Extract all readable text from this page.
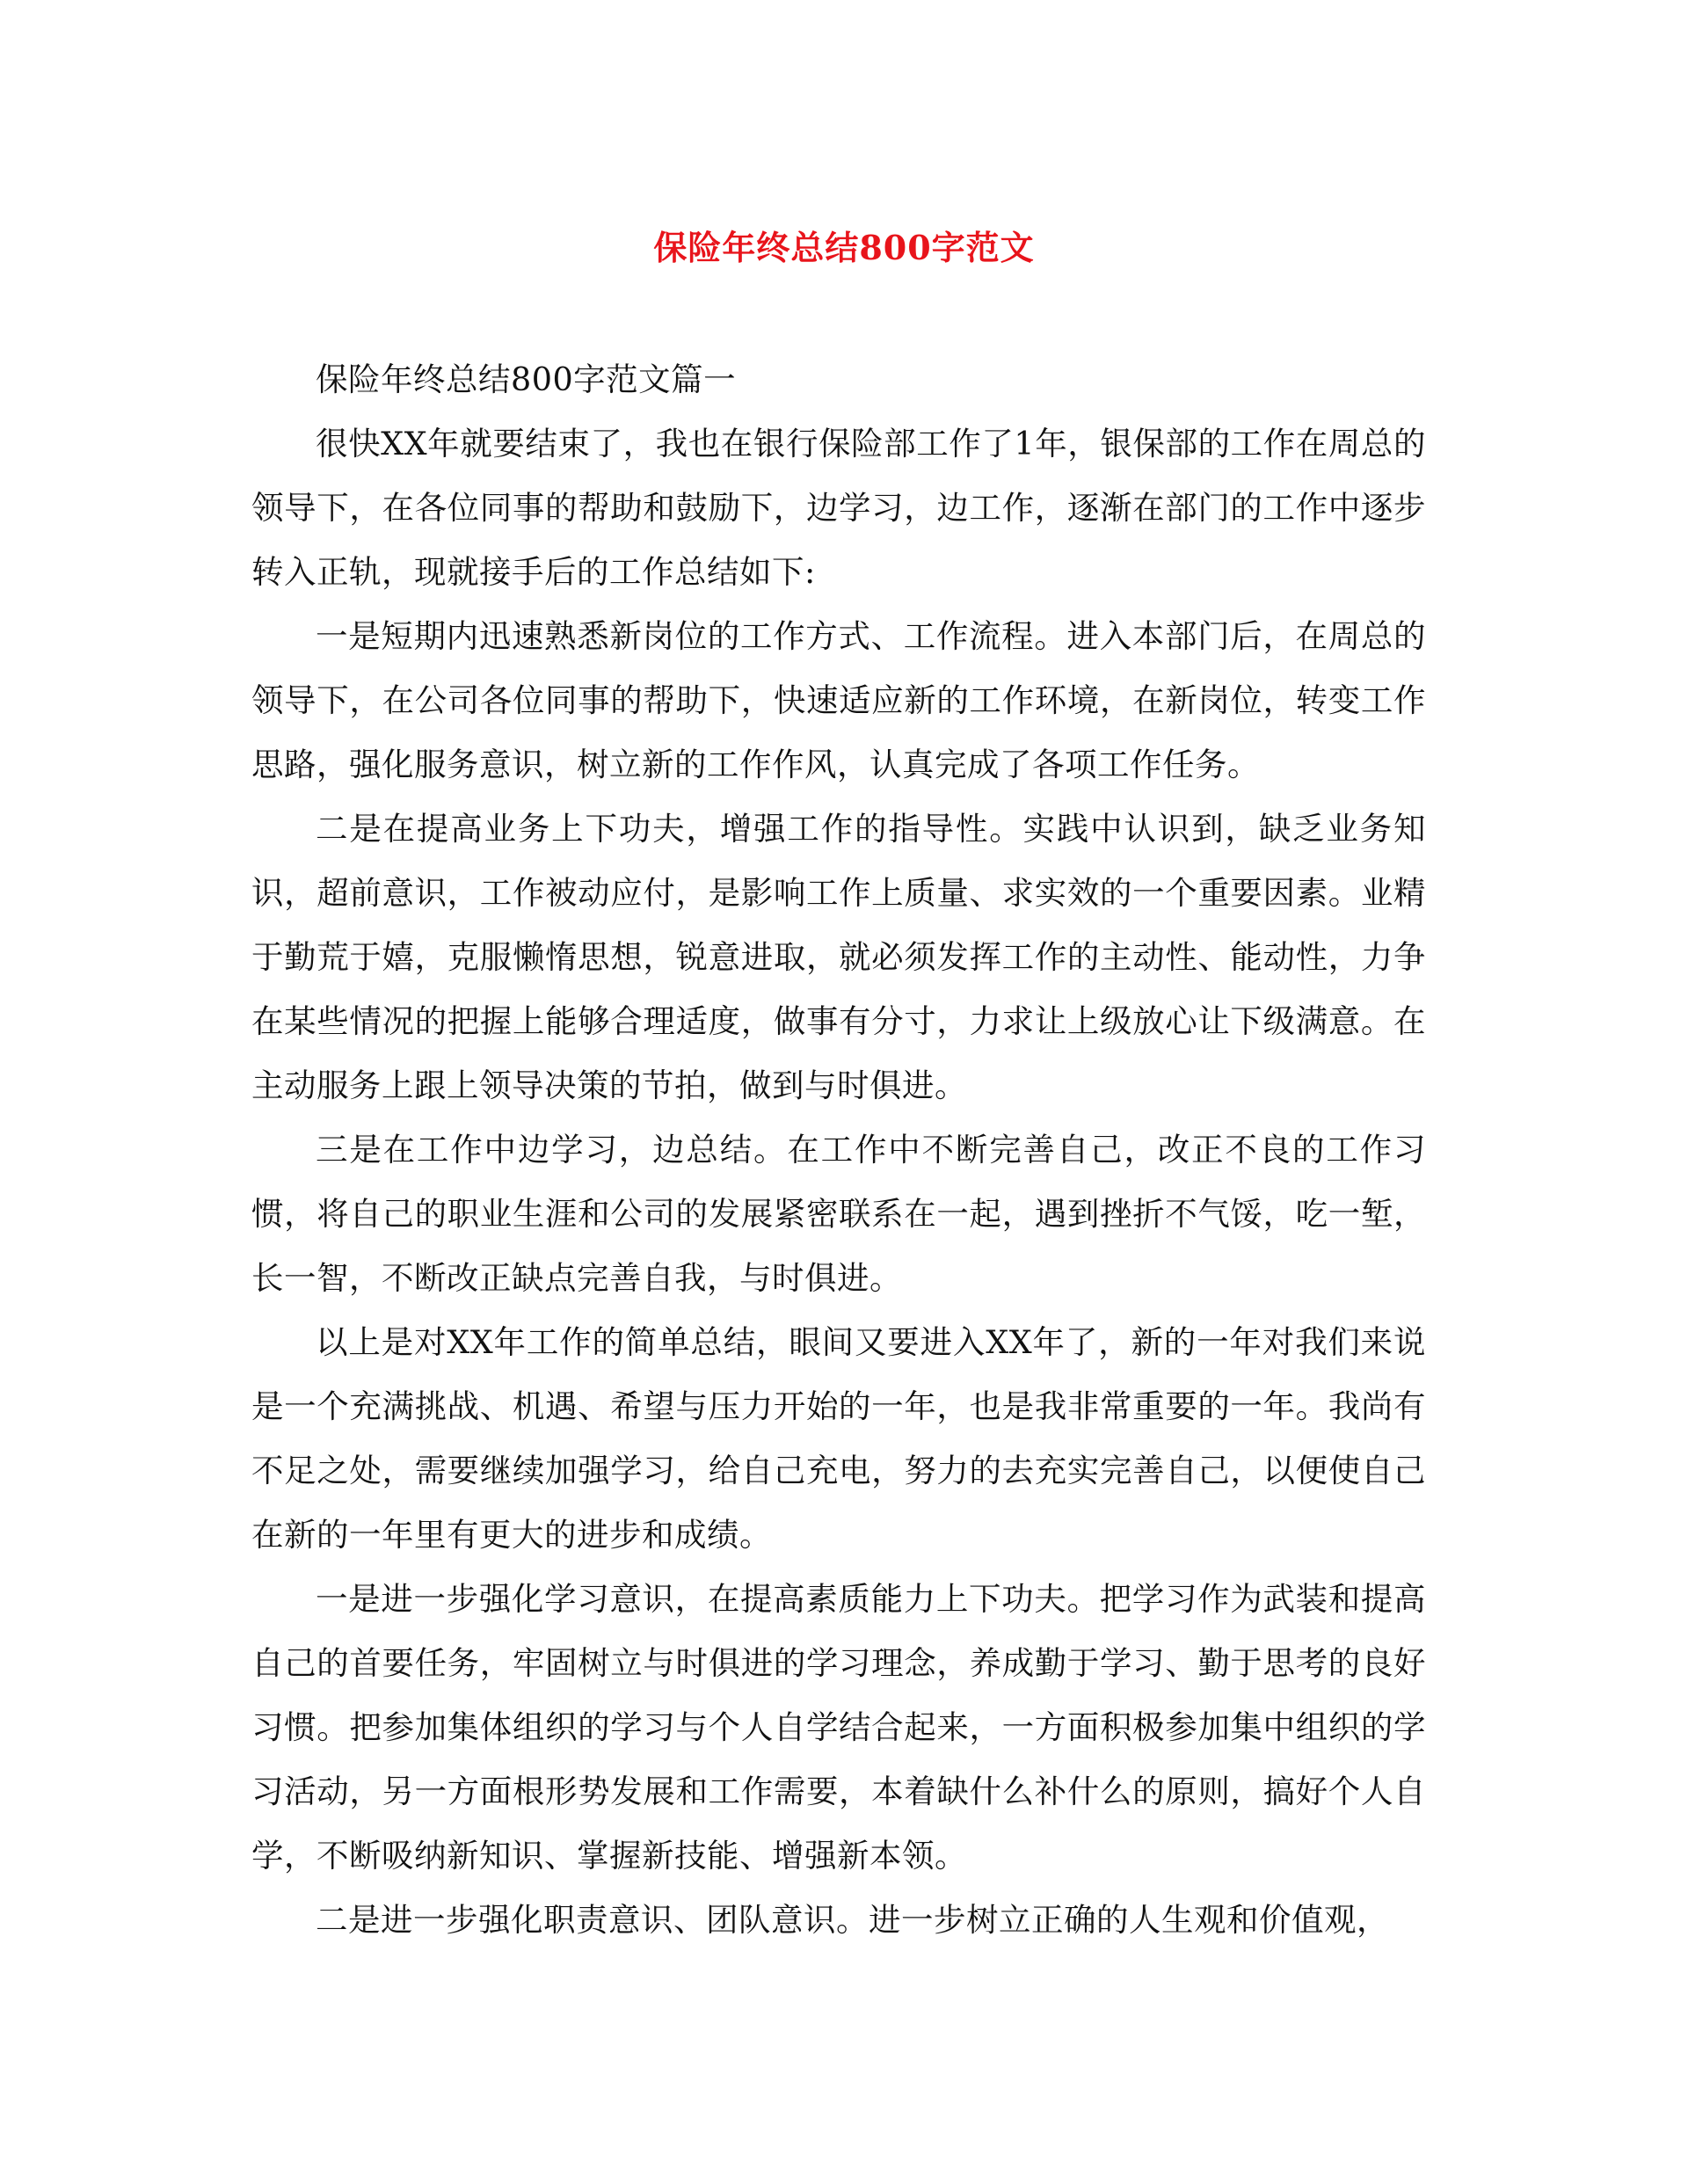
保险年终总结800字范文

保险年终总结800字范文篇一

很快XX年就要结束了，我也在银行保险部工作了1年，银保部的工作在周总的领导下，在各位同事的帮助和鼓励下，边学习，边工作，逐渐在部门的工作中逐步转入正轨，现就接手后的工作总结如下:

一是短期内迅速熟悉新岗位的工作方式、工作流程。进入本部门后，在周总的领导下，在公司各位同事的帮助下，快速适应新的工作环境，在新岗位，转变工作思路，强化服务意识，树立新的工作作风，认真完成了各项工作任务。

二是在提高业务上下功夫，增强工作的指导性。实践中认识到，缺乏业务知识，超前意识，工作被动应付，是影响工作上质量、求实效的一个重要因素。业精于勤荒于嬉，克服懒惰思想，锐意进取，就必须发挥工作的主动性、能动性，力争在某些情况的把握上能够合理适度，做事有分寸，力求让上级放心让下级满意。在主动服务上跟上领导决策的节拍，做到与时俱进。

三是在工作中边学习，边总结。在工作中不断完善自己，改正不良的工作习惯，将自己的职业生涯和公司的发展紧密联系在一起，遇到挫折不气馁，吃一堑，长一智，不断改正缺点完善自我，与时俱进。

以上是对XX年工作的简单总结，眼间又要进入XX年了，新的一年对我们来说是一个充满挑战、机遇、希望与压力开始的一年，也是我非常重要的一年。我尚有不足之处，需要继续加强学习，给自己充电，努力的去充实完善自己，以便使自己在新的一年里有更大的进步和成绩。

一是进一步强化学习意识，在提高素质能力上下功夫。把学习作为武装和提高自己的首要任务，牢固树立与时俱进的学习理念，养成勤于学习、勤于思考的良好习惯。把参加集体组织的学习与个人自学结合起来，一方面积极参加集中组织的学习活动，另一方面根形势发展和工作需要，本着缺什么补什么的原则，搞好个人自学，不断吸纳新知识、掌握新技能、增强新本领。

二是进一步强化职责意识、团队意识。进一步树立正确的人生观和价值观，
